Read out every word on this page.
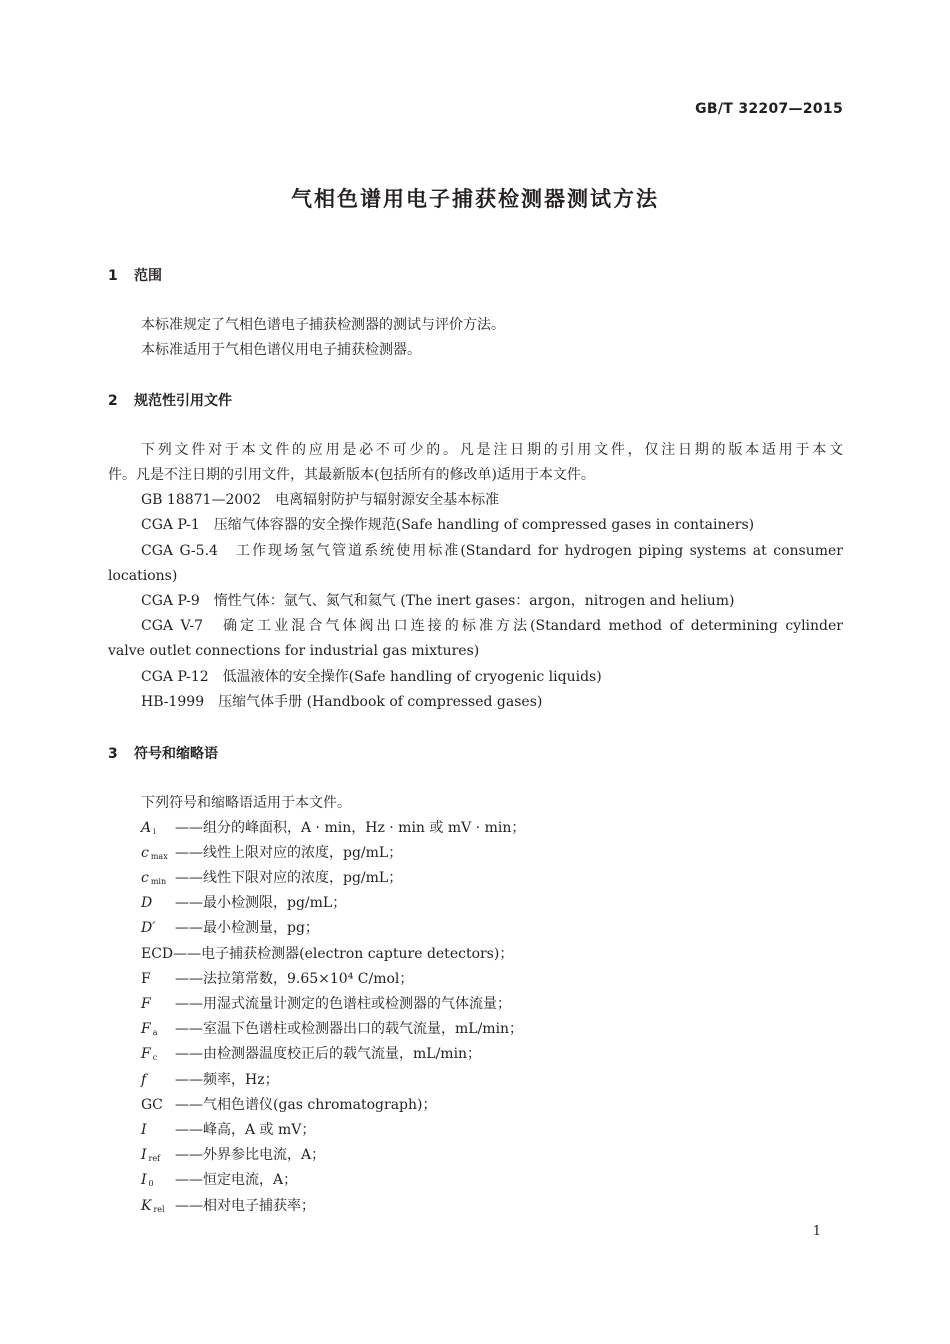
GB/T 32207—2015
气相色谱用电子捕获检测器测试方法
1 范围
本标准规定了气相色谱电子捕获检测器的测试与评价方法。
本标准适用于气相色谱仪用电子捕获检测器。
2 规范性引用文件
下列文件对于本文件的应用是必不可少的。凡是注日期的引用文件，仅注日期的版本适用于本文
件。凡是不注日期的引用文件，其最新版本(包括所有的修改单)适用于本文件。
GB 18871—2002　电离辐射防护与辐射源安全基本标准
CGA P-1　压缩气体容器的安全操作规范(Safe handling of compressed gases in containers)
CGA G-5.4　工作现场氢气管道系统使用标准(Standard for hydrogen piping systems at consumer
locations)
CGA P-9　惰性气体：氩气、氮气和氦气 (The inert gases：argon，nitrogen and helium)
CGA V-7　确定工业混合气体阀出口连接的标准方法(Standard method of determining cylinder
valve outlet connections for industrial gas mixtures)
CGA P-12　低温液体的安全操作(Safe handling of cryogenic liquids)
HB-1999　压缩气体手册 (Handbook of compressed gases)
3 符号和缩略语
下列符号和缩略语适用于本文件。
A $_i$ ——组分的峰面积，A · min，Hz · min 或 mV · min；
c $_{max}$ ——线性上限对应的浓度，pg/mL；
c $_{min}$ ——线性下限对应的浓度，pg/mL；
D ——最小检测限，pg/mL；
D′ ——最小检测量，pg；
ECD——电子捕获检测器(electron capture detectors)；
F ——法拉第常数，9.65×10⁴ C/mol；
F ——用湿式流量计测定的色谱柱或检测器的气体流量；
F $_a$ ——室温下色谱柱或检测器出口的载气流量，mL/min；
F $_c$ ——由检测器温度校正后的载气流量，mL/min；
f ——频率，Hz；
GC ——气相色谱仪(gas chromatograph)；
I ——峰高，A 或 mV；
I $_{ref}$ ——外界参比电流，A；
I $_0$ ——恒定电流，A；
K $_{rel}$ ——相对电子捕获率；
1
